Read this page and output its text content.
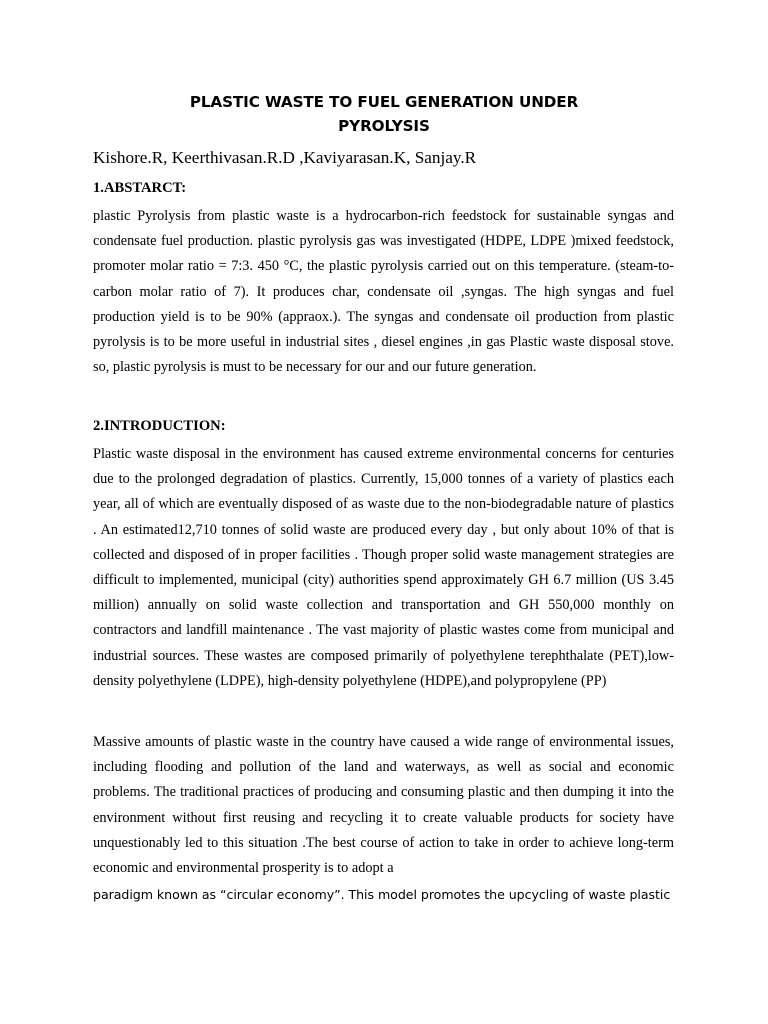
PLASTIC WASTE TO FUEL GENERATION UNDER
PYROLYSIS
Kishore.R, Keerthivasan.R.D ,Kaviyarasan.K, Sanjay.R
1.ABSTARCT:

plastic Pyrolysis from plastic waste is a hydrocarbon-rich feedstock for sustainable syngas and condensate fuel production. plastic pyrolysis gas was investigated (HDPE, LDPE )mixed feedstock, promoter molar ratio = 7:3. 450 °C, the plastic pyrolysis carried out on this temperature. (steam-to-carbon molar ratio of 7). It produces char, condensate oil ,syngas. The high syngas and fuel production yield is to be 90% (appraox.). The syngas and condensate oil production from plastic pyrolysis is to be more useful in industrial sites , diesel engines ,in gas Plastic waste disposal stove. so, plastic pyrolysis is must to be necessary for our and our future generation.

2.INTRODUCTION:

Plastic waste disposal in the environment has caused extreme environmental concerns for centuries due to the prolonged degradation of plastics. Currently, 15,000 tonnes of a variety of plastics each year, all of which are eventually disposed of as waste due to the non-biodegradable nature of plastics . An estimated12,710 tonnes of solid waste are produced every day , but only about 10% of that is collected and disposed of in proper facilities . Though proper solid waste management strategies are difficult to implemented, municipal (city) authorities spend approximately GH 6.7 million (US 3.45 million) annually on solid waste collection and transportation and GH 550,000 monthly on contractors and landfill maintenance . The vast majority of plastic wastes come from municipal and industrial sources. These wastes are composed primarily of polyethylene terephthalate (PET),low-density polyethylene (LDPE), high-density polyethylene (HDPE),and polypropylene (PP)

Massive amounts of plastic waste in the country have caused a wide range of environmental issues, including flooding and pollution of the land and waterways, as well as social and economic problems. The traditional practices of producing and consuming plastic and then dumping it into the environment without first reusing and recycling it to create valuable products for society have unquestionably led to this situation .The best course of action to take in order to achieve long-term economic and environmental prosperity is to adopt a

paradigm known as “circular economy”. This model promotes the upcycling of waste plastic
